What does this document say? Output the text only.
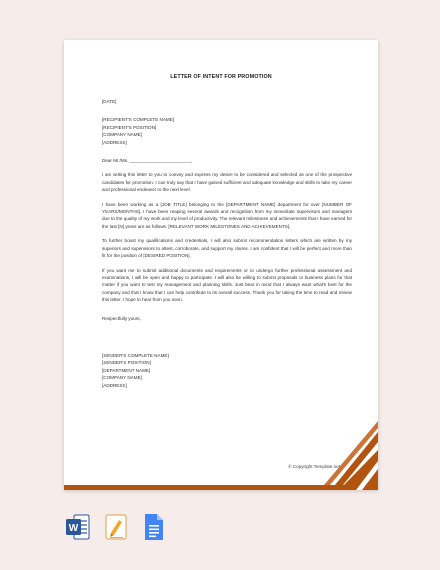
LETTER OF INTENT FOR PROMOTION
[DATE]
[RECIPIENT'S COMPLETE NAME]
[RECIPIENT'S POSITION]
[COMPANY NAME]
[ADDRESS]
Dear Mr./Ms. ________________________,

I am writing this letter to you to convey and express my desire to be considered and selected as one of the prospective candidates for promotion. I can truly say that I have gained sufficient and adequate knowledge and skills to take my career and professional endeavor to the next level.

I have been working as a [JOB TITLE] belonging to the [DEPARTMENT NAME] department for over [NUMBER OF YEARS/MONTHS]. I have been reaping several awards and recognition from my immediate supervisors and managers due to the quality of my work and my level of productivity. The relevant milestones and achievements that I have earned for the last [N] years are as follows: [RELEVANT WORK MILESTONES AND ACHIEVEMENTS].

To further boost my qualifications and credentials, I will also submit recommendation letters which are written by my superiors and supervisors to attest, corroborate, and support my claims. I am confident that I will be perfect and more than fit for the position of [DESIRED POSITION].

If you want me to submit additional documents and requirements or to undergo further professional assessment and examinations, I will be open and happy to participate. I will also be willing to submit proposals or business plans for that matter if you want to test my management and planning skills. Just bear in mind that I always want what's best for the company and that I know that I can help contribute to its overall success. Thank you for taking the time to read and review this letter. I hope to hear from you soon.

Respectfully yours,
[SENDER'S COMPLETE NAME]
[SENDER'S POSITION]
[DEPARTMENT NAME]
[COMPANY NAME]
[ADDRESS]
© Copyright Template.net
W
